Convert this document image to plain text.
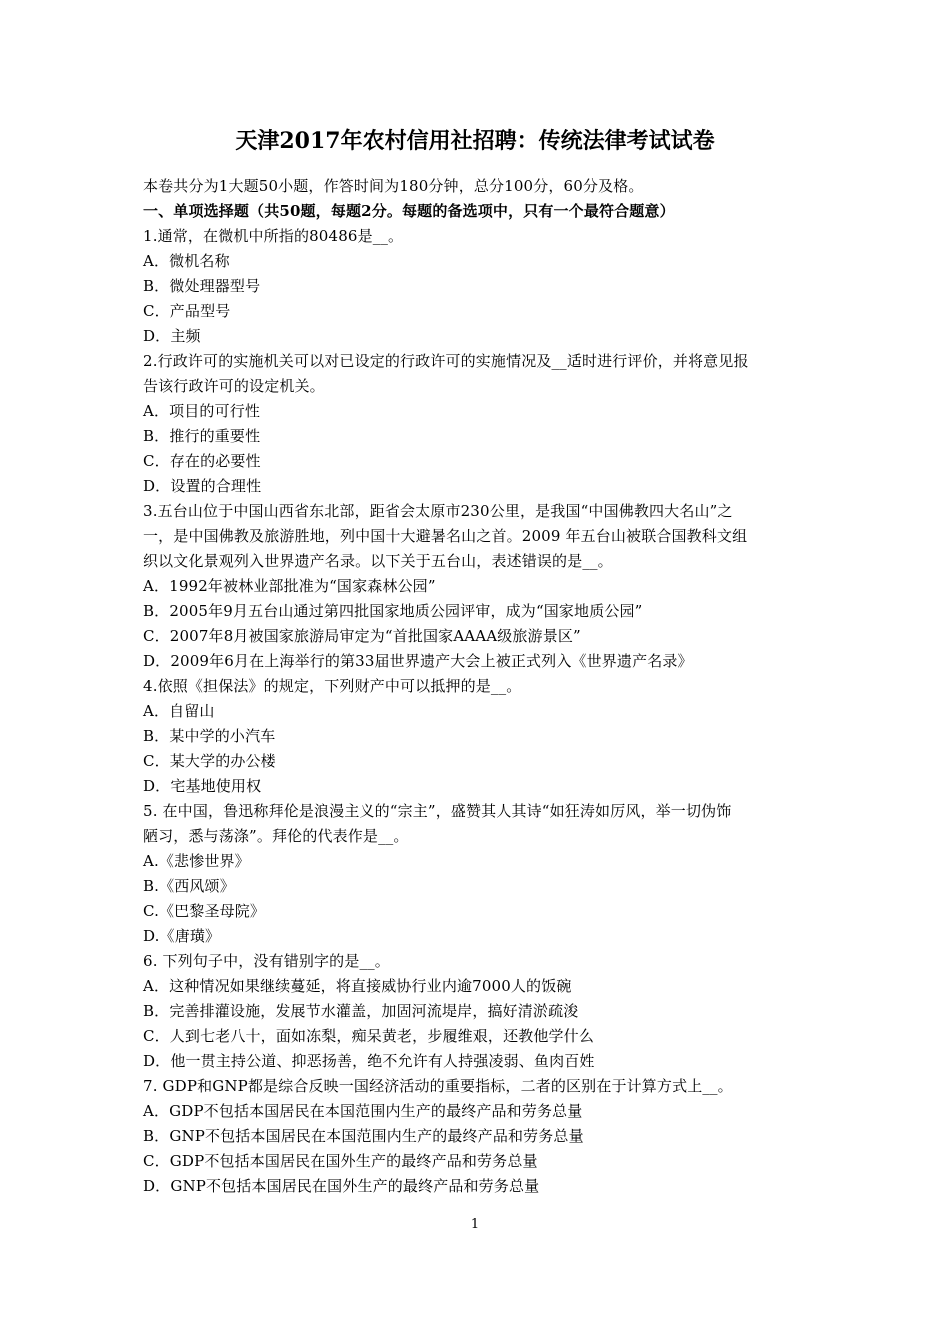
天津2017年农村信用社招聘：传统法律考试试卷
本卷共分为1大题50小题，作答时间为180分钟，总分100分，60分及格。
一、单项选择题（共50题，每题2分。每题的备选项中，只有一个最符合题意）
1.通常，在微机中所指的80486是__。
A．微机名称
B．微处理器型号
C．产品型号
D．主频
2.行政许可的实施机关可以对已设定的行政许可的实施情况及__适时进行评价，并将意见报
告该行政许可的设定机关。
A．项目的可行性
B．推行的重要性
C．存在的必要性
D．设置的合理性
3.五台山位于中国山西省东北部，距省会太原市230公里，是我国“中国佛教四大名山”之
一，是中国佛教及旅游胜地，列中国十大避暑名山之首。2009 年五台山被联合国教科文组
织以文化景观列入世界遗产名录。以下关于五台山，表述错误的是__。
A．1992年被林业部批准为“国家森林公园”
B．2005年9月五台山通过第四批国家地质公园评审，成为“国家地质公园”
C．2007年8月被国家旅游局审定为“首批国家AAAA级旅游景区”
D．2009年6月在上海举行的第33届世界遗产大会上被正式列入《世界遗产名录》
4.依照《担保法》的规定，下列财产中可以抵押的是__。
A．自留山
B．某中学的小汽车
C．某大学的办公楼
D．宅基地使用权
5. 在中国，鲁迅称拜伦是浪漫主义的“宗主”，盛赞其人其诗“如狂涛如厉风，举一切伪饰
陋习，悉与荡涤”。拜伦的代表作是__。
A.《悲惨世界》
B.《西风颂》
C.《巴黎圣母院》
D.《唐璜》
6. 下列句子中，没有错别字的是__。
A．这种情况如果继续蔓延，将直接威协行业内逾7000人的饭碗
B．完善排灌设施，发展节水灌盖，加固河流堤岸，搞好清淤疏浚
C．人到七老八十，面如冻梨，痴呆黄老，步履维艰，还教他学什么
D．他一贯主持公道、抑恶扬善，绝不允许有人持强凌弱、鱼肉百姓
7. GDP和GNP都是综合反映一国经济活动的重要指标，二者的区别在于计算方式上__。
A．GDP不包括本国居民在本国范围内生产的最终产品和劳务总量
B．GNP不包括本国居民在本国范围内生产的最终产品和劳务总量
C．GDP不包括本国居民在国外生产的最终产品和劳务总量
D．GNP不包括本国居民在国外生产的最终产品和劳务总量
1
